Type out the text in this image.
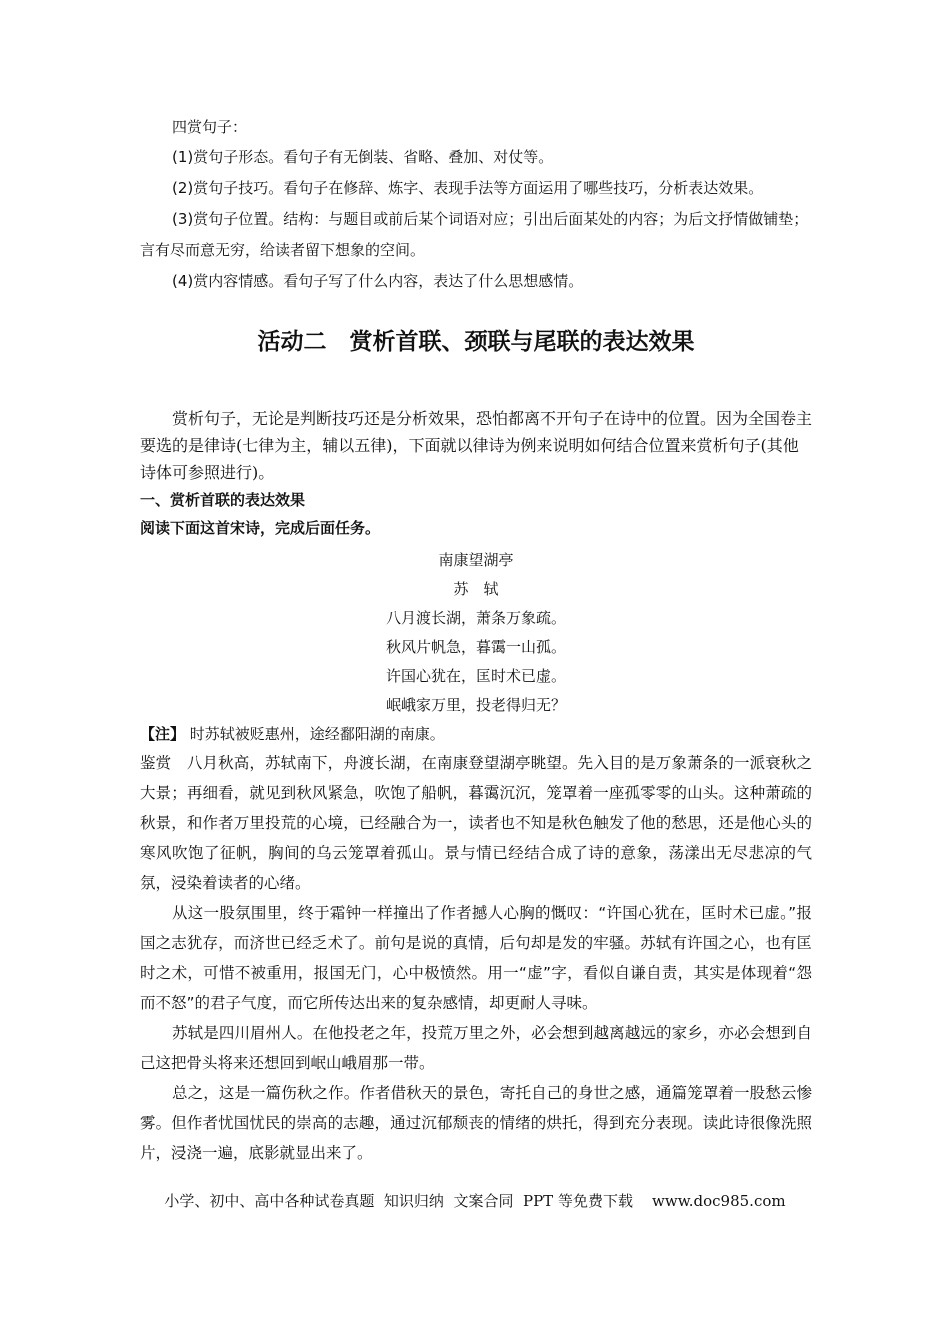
四赏句子：

(1)赏句子形态。看句子有无倒装、省略、叠加、对仗等。

(2)赏句子技巧。看句子在修辞、炼字、表现手法等方面运用了哪些技巧，分析表达效果。

(3)赏句子位置。结构：与题目或前后某个词语对应；引出后面某处的内容；为后文抒情做铺垫；言有尽而意无穷，给读者留下想象的空间。

(4)赏内容情感。看句子写了什么内容，表达了什么思想感情。

活动二　赏析首联、颈联与尾联的表达效果

赏析句子，无论是判断技巧还是分析效果，恐怕都离不开句子在诗中的位置。因为全国卷主要选的是律诗(七律为主，辅以五律)，下面就以律诗为例来说明如何结合位置来赏析句子(其他诗体可参照进行)。

一、赏析首联的表达效果

阅读下面这首宋诗，完成后面任务。

南康望湖亭

苏　轼

八月渡长湖，萧条万象疏。

秋风片帆急，暮霭一山孤。

许国心犹在，匡时术已虚。

岷峨家万里，投老得归无？

【注】 时苏轼被贬惠州，途经鄱阳湖的南康。

鉴赏　 八月秋高，苏轼南下，舟渡长湖，在南康登望湖亭眺望。先入目的是万象萧条的一派衰秋之大景；再细看，就见到秋风紧急，吹饱了船帆，暮霭沉沉，笼罩着一座孤零零的山头。这种萧疏的秋景，和作者万里投荒的心境，已经融合为一，读者也不知是秋色触发了他的愁思，还是他心头的寒风吹饱了征帆，胸间的乌云笼罩着孤山。景与情已经结合成了诗的意象，荡漾出无尽悲凉的气氛，浸染着读者的心绪。

从这一股氛围里，终于霜钟一样撞出了作者撼人心胸的慨叹：“许国心犹在，匡时术已虚。”报国之志犹存，而济世已经乏术了。前句是说的真情，后句却是发的牢骚。苏轼有许国之心，也有匡时之术，可惜不被重用，报国无门，心中极愤然。用一“虚”字，看似自谦自责，其实是体现着“怨而不怒”的君子气度，而它所传达出来的复杂感情，却更耐人寻味。

苏轼是四川眉州人。在他投老之年，投荒万里之外，必会想到越离越远的家乡，亦必会想到自己这把骨头将来还想回到岷山峨眉那一带。

总之，这是一篇伤秋之作。作者借秋天的景色，寄托自己的身世之感，通篇笼罩着一股愁云惨雾。但作者忧国忧民的崇高的志趣，通过沉郁颓丧的情绪的烘托，得到充分表现。读此诗很像洗照片，浸浇一遍，底影就显出来了。

小学、初中、高中各种试卷真题  知识归纳  文案合同  PPT 等免费下载    www.doc985.com
